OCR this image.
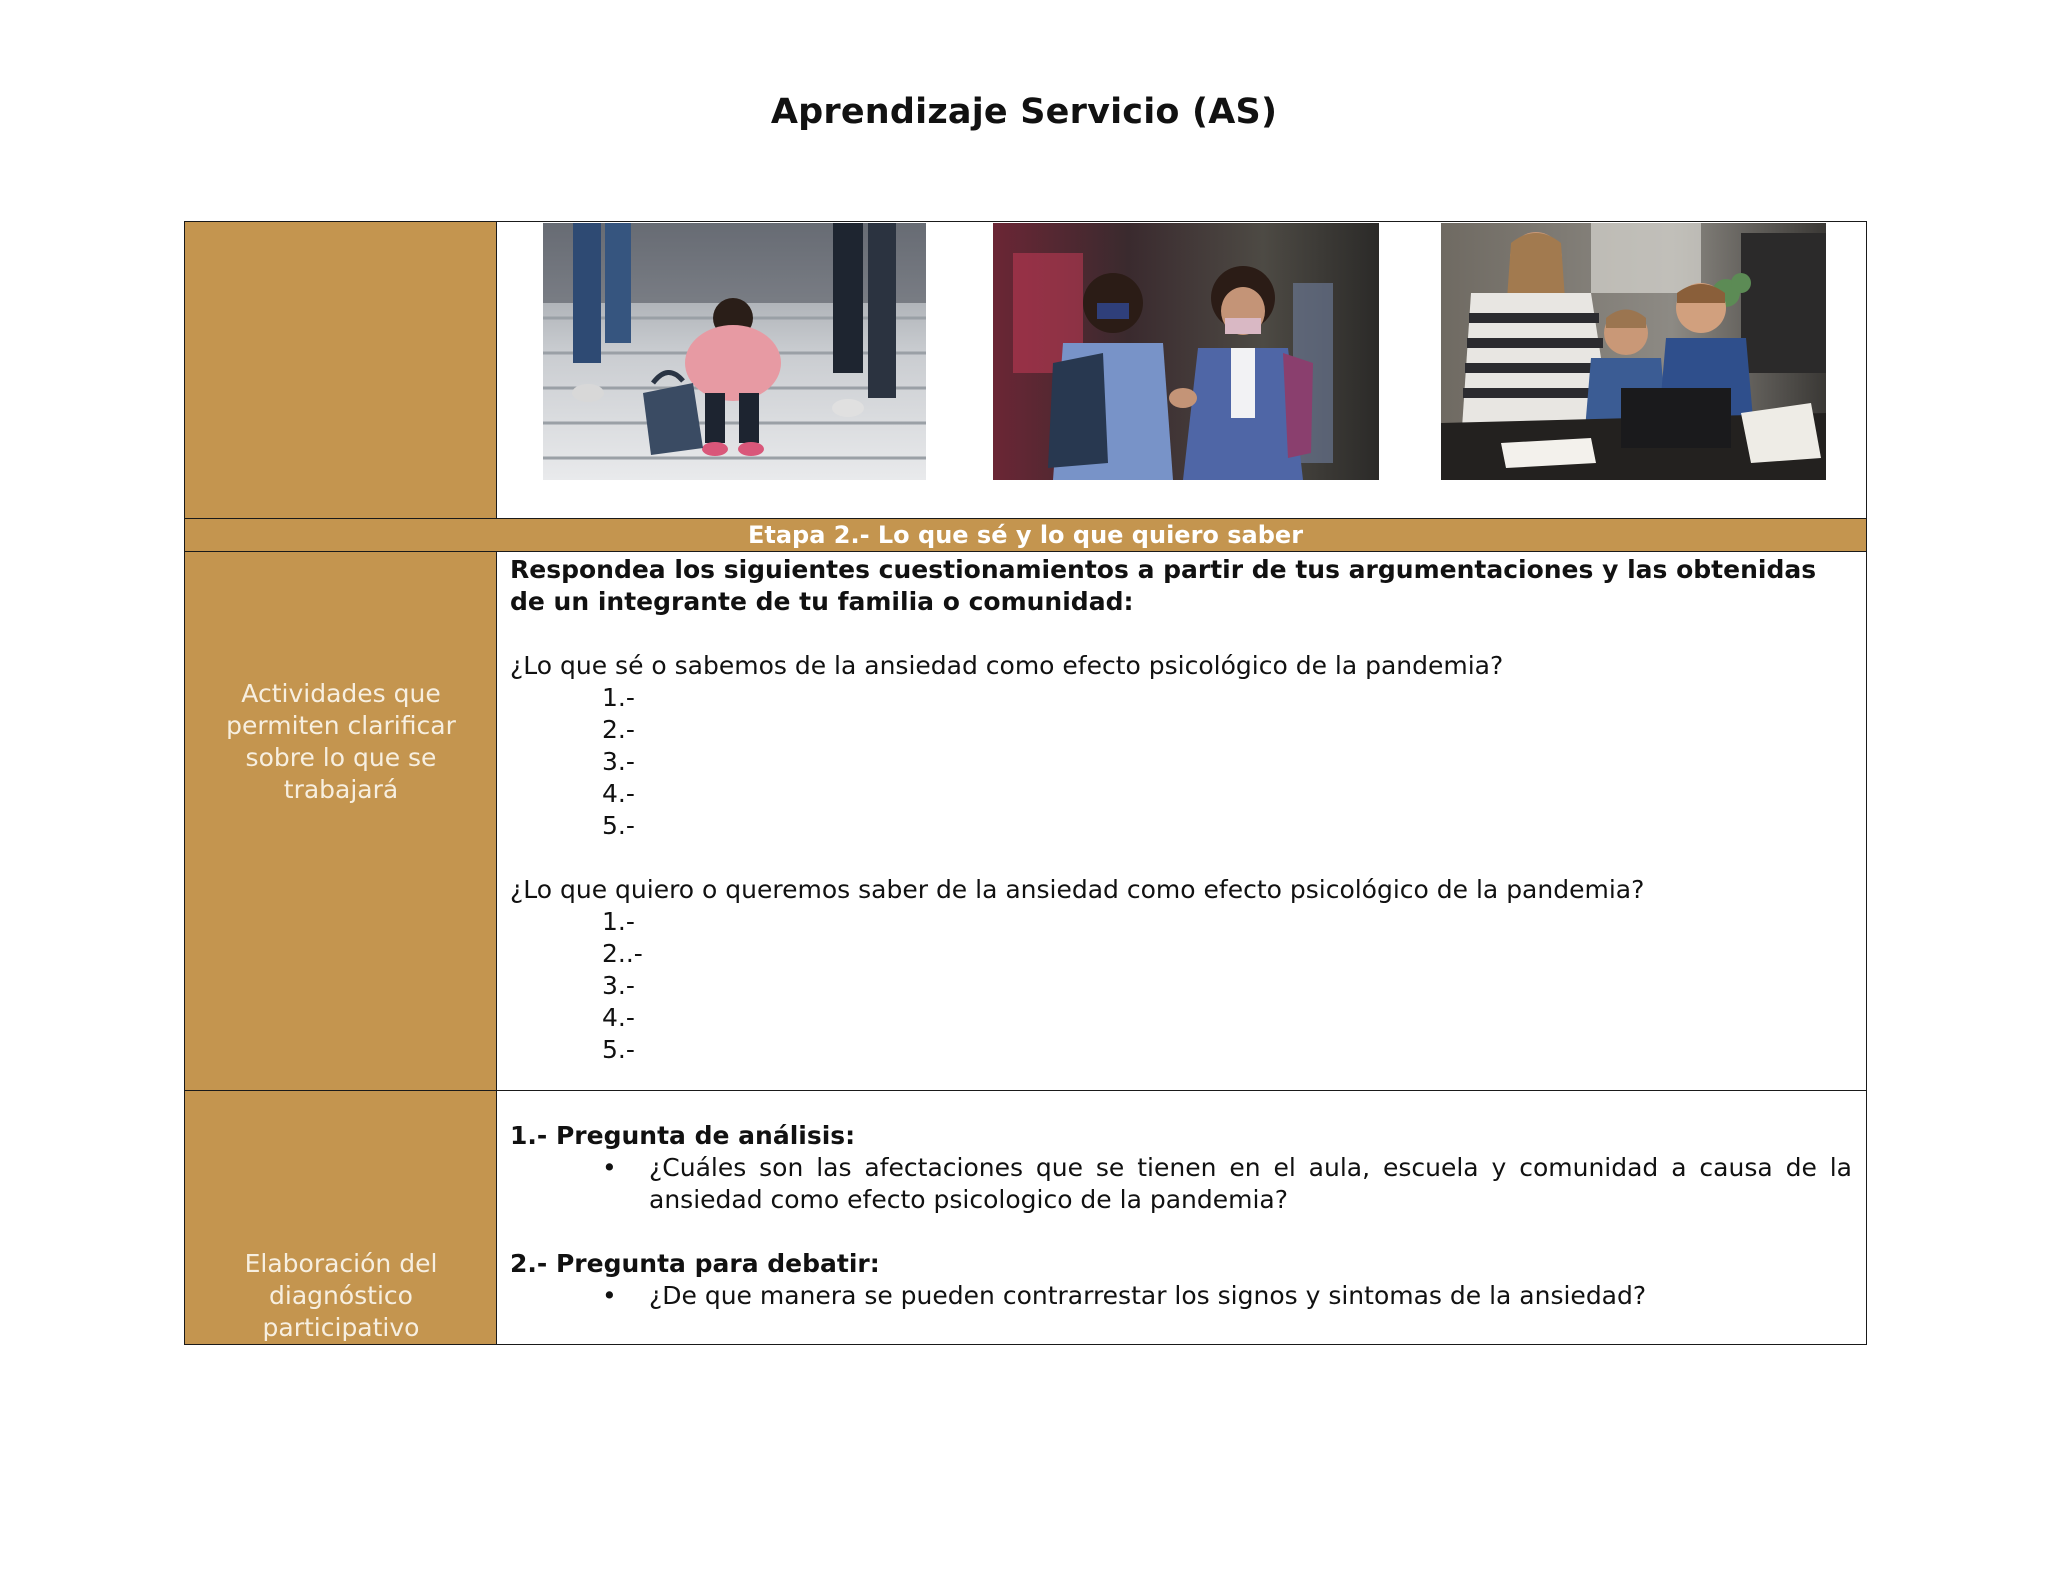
Aprendizaje Servicio (AS)
Etapa 2.- Lo que sé y lo que quiero saber
Actividades que
permiten clarificar
sobre lo que se
trabajará
Respondea los siguientes cuestionamientos a partir de tus argumentaciones y las obtenidas de un integrante de tu familia o comunidad:
¿Lo que sé o sabemos de la ansiedad como efecto psicológico de la pandemia?
1.-
2.-
3.-
4.-
5.-
¿Lo que quiero o queremos saber de la ansiedad como efecto psicológico de la pandemia?
1.-
2..-
3.-
4.-
5.-
Elaboración del
diagnóstico
participativo
1.- Pregunta de análisis:
• ¿Cuáles son las afectaciones que se tienen en el aula, escuela y comunidad a causa de la ansiedad como efecto psicologico de la pandemia?
2.- Pregunta para debatir:
• ¿De que manera se pueden contrarrestar los signos y sintomas de la ansiedad?
